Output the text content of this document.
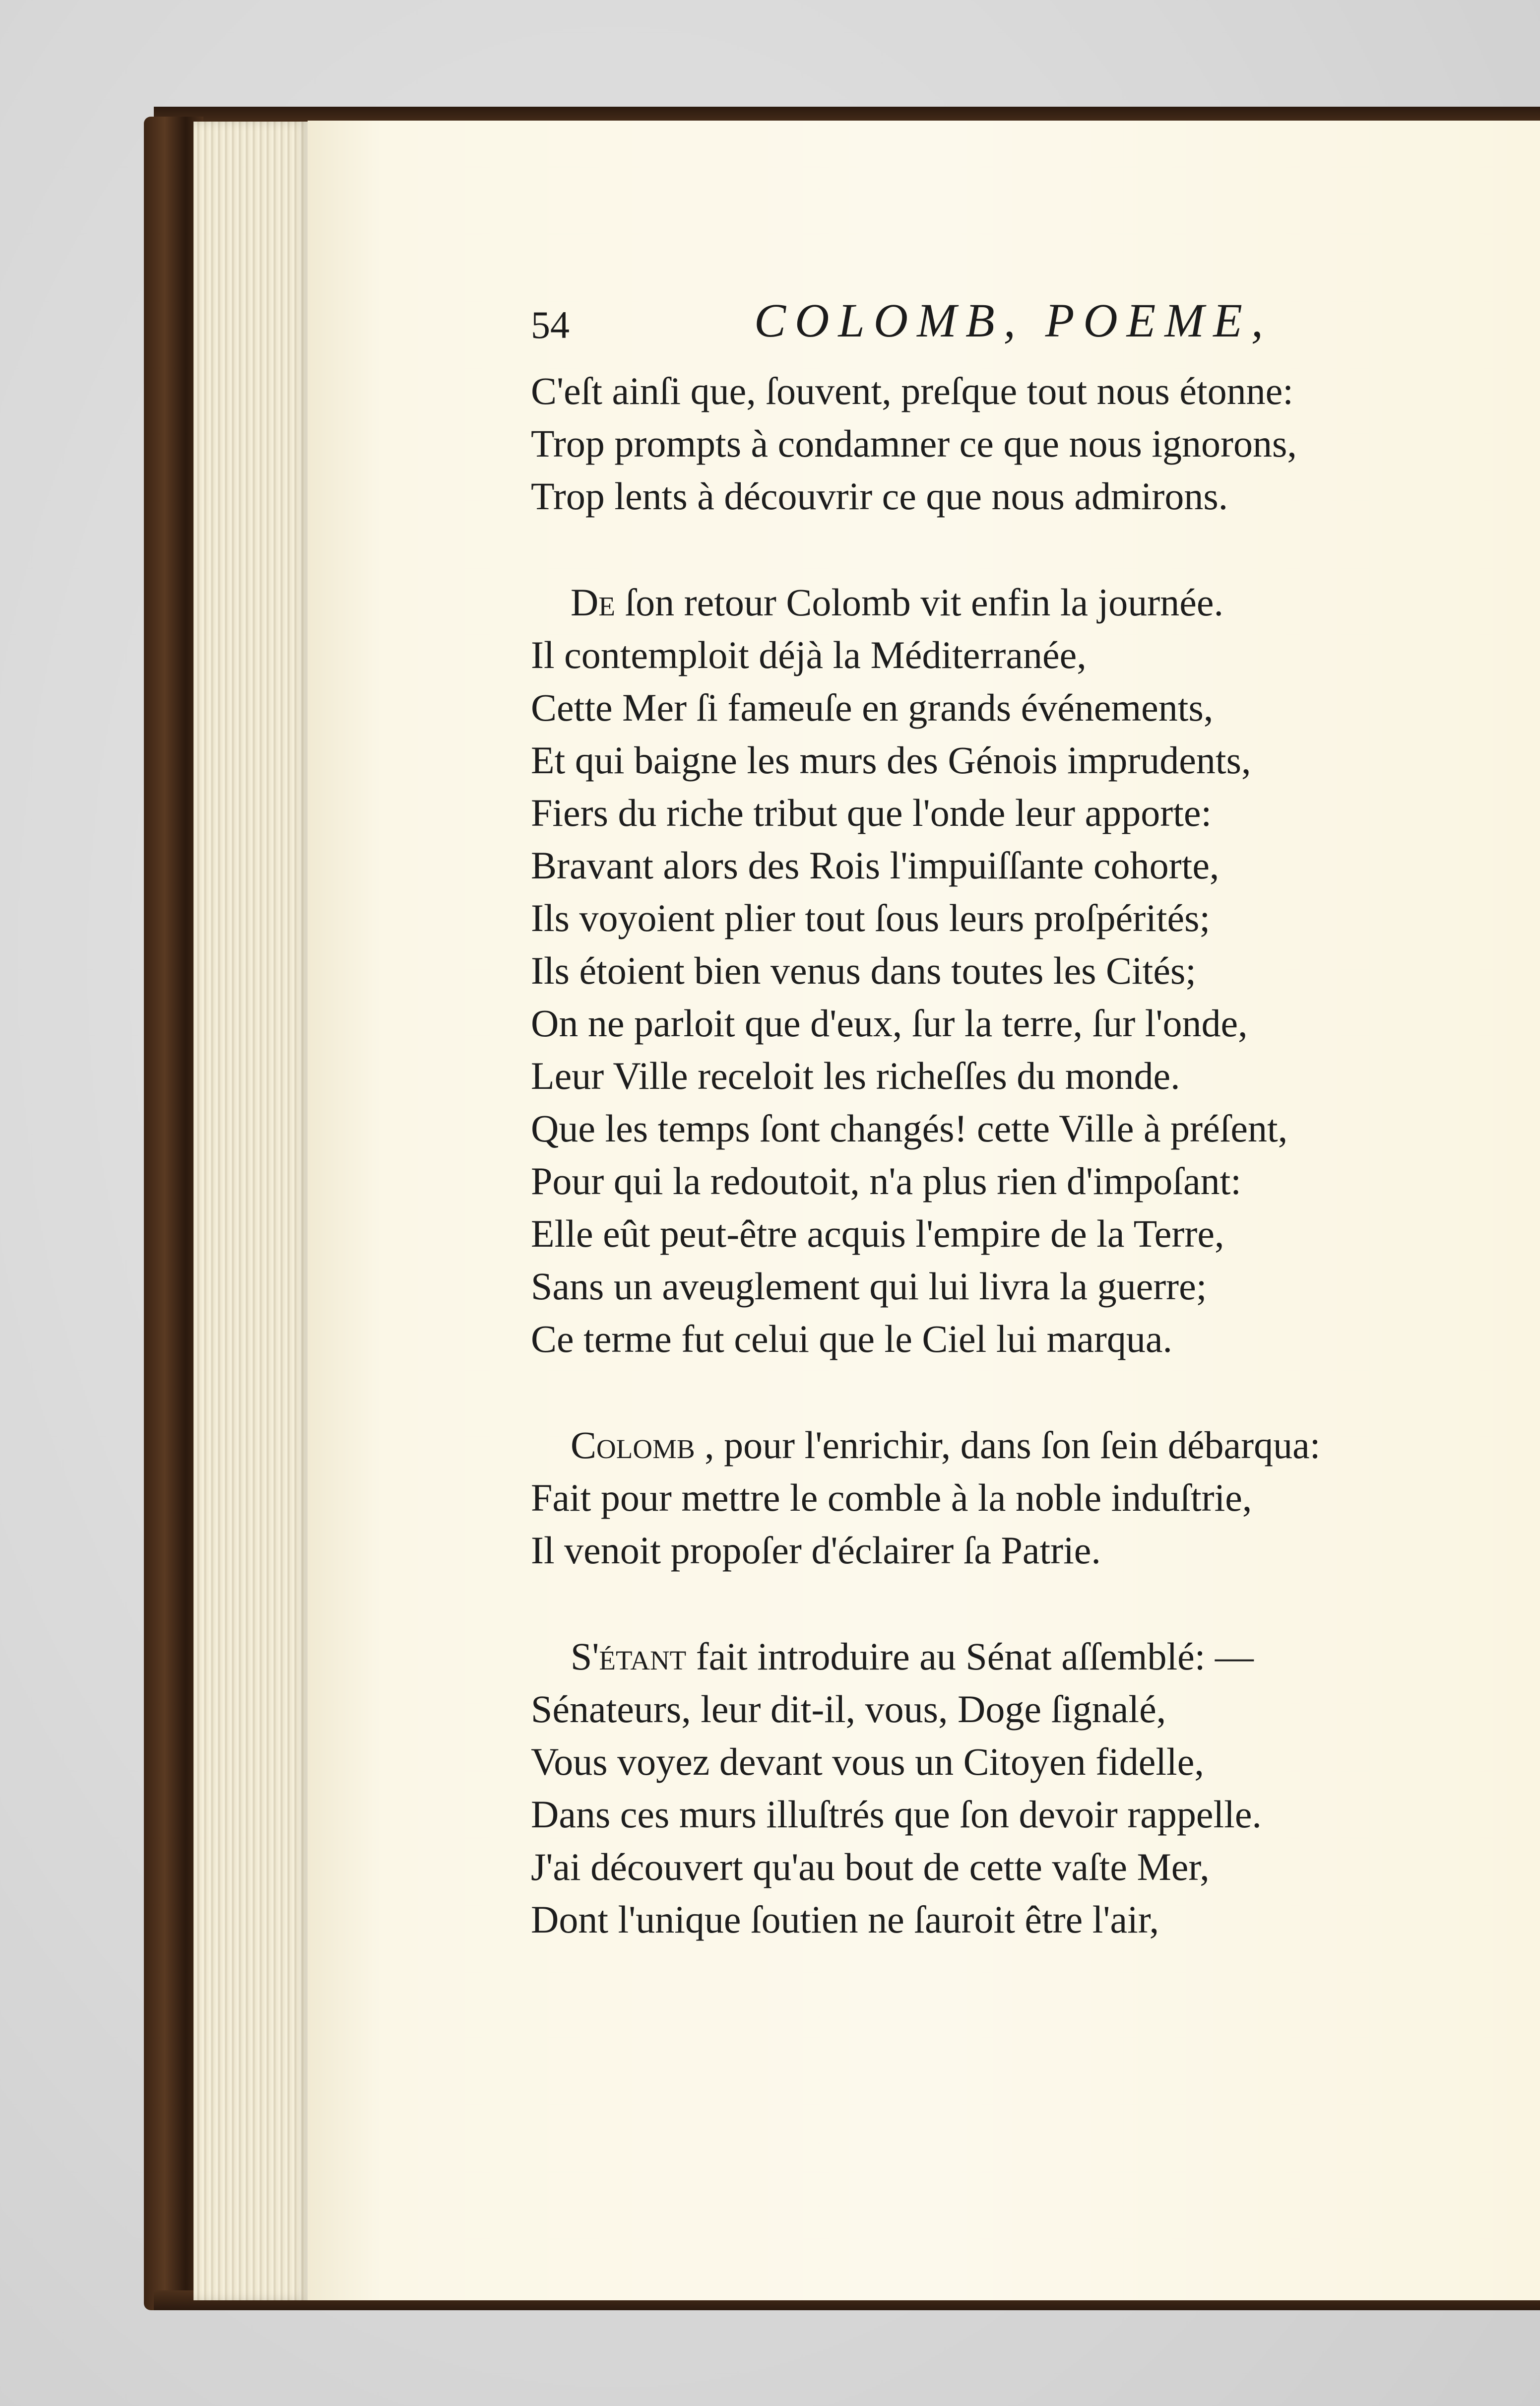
54	COLOMB, POEME,
C'eſt ainſi que, ſouvent, preſque tout nous étonne:
Trop prompts à condamner ce que nous ignorons,
Trop lents à découvrir ce que nous admirons.
De ſon retour Colomb vit enfin la journée.
Il contemploit déjà la Méditerranée,
Cette Mer ſi fameuſe en grands événements,
Et qui baigne les murs des Génois imprudents,
Fiers du riche tribut que l'onde leur apporte:
Bravant alors des Rois l'impuiſſante cohorte,
Ils voyoient plier tout ſous leurs proſpérités;
Ils étoient bien venus dans toutes les Cités;
On ne parloit que d'eux, ſur la terre, ſur l'onde,
Leur Ville receloit les richeſſes du monde.
Que les temps ſont changés! cette Ville à préſent,
Pour qui la redoutoit, n'a plus rien d'impoſant:
Elle eût peut-être acquis l'empire de la Terre,
Sans un aveuglement qui lui livra la guerre;
Ce terme fut celui que le Ciel lui marqua.
Colomb , pour l'enrichir, dans ſon ſein débarqua:
Fait pour mettre le comble à la noble induſtrie,
Il venoit propoſer d'éclairer ſa Patrie.
S'étant fait introduire au Sénat aſſemblé: —
Sénateurs, leur dit-il, vous, Doge ſignalé,
Vous voyez devant vous un Citoyen fidelle,
Dans ces murs illuſtrés que ſon devoir rappelle.
J'ai découvert qu'au bout de cette vaſte Mer,
Dont l'unique ſoutien ne ſauroit être l'air,
